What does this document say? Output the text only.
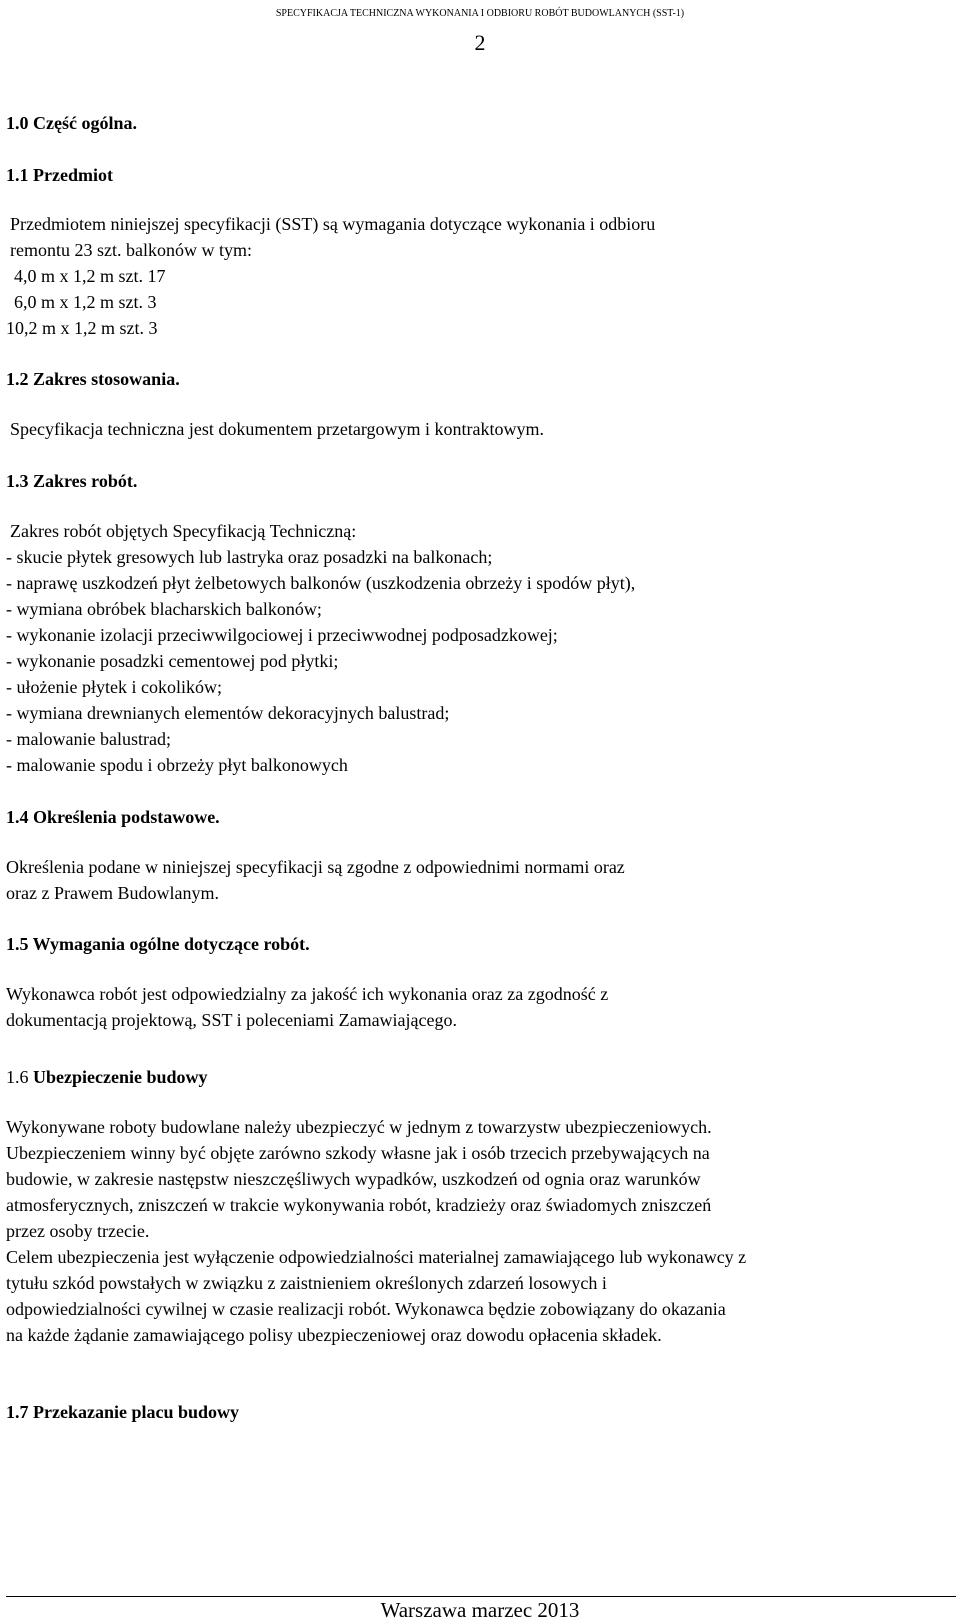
SPECYFIKACJA TECHNICZNA WYKONANIA I ODBIORU ROBÓT BUDOWLANYCH (SST-1)
2
1.0 Część ogólna.
1.1 Przedmiot
Przedmiotem niniejszej specyfikacji (SST) są wymagania dotyczące wykonania i odbioru
remontu 23 szt. balkonów w tym:
4,0 m x 1,2 m szt. 17
6,0 m x 1,2 m szt. 3
10,2 m x 1,2 m szt. 3
1.2 Zakres stosowania.
Specyfikacja techniczna jest dokumentem przetargowym i kontraktowym.
1.3 Zakres robót.
Zakres robót objętych Specyfikacją Techniczną:
- skucie płytek gresowych lub lastryka oraz posadzki na balkonach;
- naprawę uszkodzeń płyt żelbetowych balkonów (uszkodzenia obrzeży i spodów płyt),
- wymiana obróbek blacharskich balkonów;
- wykonanie izolacji przeciwwilgociowej i przeciwwodnej podposadzkowej;
- wykonanie posadzki cementowej pod płytki;
- ułożenie płytek i cokolików;
- wymiana drewnianych elementów dekoracyjnych balustrad;
- malowanie balustrad;
- malowanie spodu i obrzeży płyt balkonowych
1.4 Określenia podstawowe.
Określenia podane w niniejszej specyfikacji są zgodne z odpowiednimi normami oraz
oraz z Prawem Budowlanym.
1.5 Wymagania ogólne dotyczące robót.
Wykonawca robót jest odpowiedzialny za jakość ich wykonania oraz za zgodność z
dokumentacją projektową, SST i poleceniami Zamawiającego.
1.6 Ubezpieczenie budowy
Wykonywane roboty budowlane należy ubezpieczyć w jednym z towarzystw ubezpieczeniowych.
Ubezpieczeniem winny być objęte zarówno szkody własne jak i osób trzecich przebywających na
budowie, w zakresie następstw nieszczęśliwych wypadków, uszkodzeń od ognia oraz warunków
atmosferycznych, zniszczeń w trakcie wykonywania robót, kradzieży oraz świadomych zniszczeń
przez osoby trzecie.
Celem ubezpieczenia jest wyłączenie odpowiedzialności materialnej zamawiającego lub wykonawcy z
tytułu szkód powstałych w związku z zaistnieniem określonych zdarzeń losowych i
odpowiedzialności cywilnej w czasie realizacji robót. Wykonawca będzie zobowiązany do okazania
na każde żądanie zamawiającego polisy ubezpieczeniowej oraz dowodu opłacenia składek.
1.7 Przekazanie placu budowy
Warszawa marzec 2013
